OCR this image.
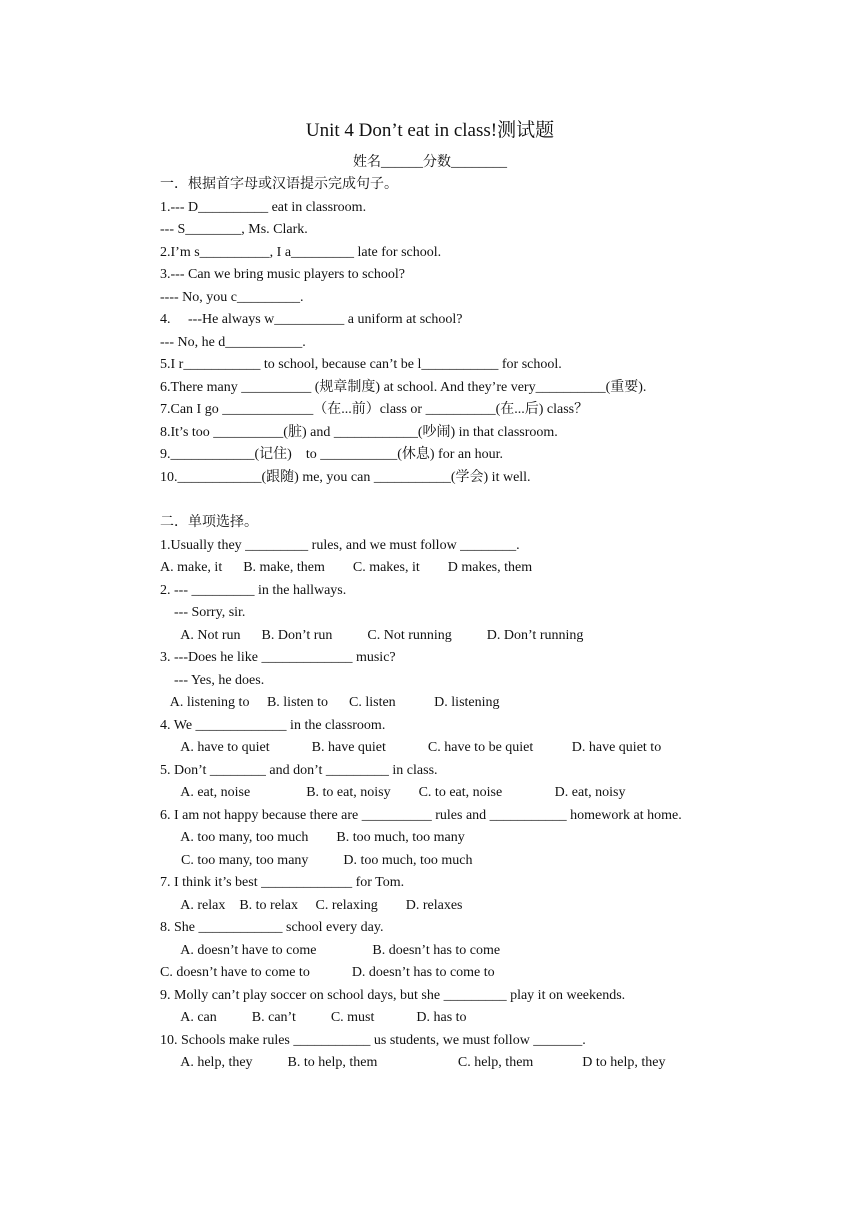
Unit 4 Don’t eat in class!测试题
姓名______分数________
一．根据首字母或汉语提示完成句子。
1.--- D__________ eat in classroom.
--- S________, Ms. Clark.
2.I’m s__________, I a_________ late for school.
3.--- Can we bring music players to school?
---- No, you c_________.
4.     ---He always w__________ a uniform at school?
--- No, he d___________.
5.I r___________ to school, because can’t be l___________ for school.
6.There many __________ (规章制度) at school. And they’re very__________(重要).
7.Can I go _____________（在...前）class or __________(在...后) class？
8.It’s too __________(脏) and ____________(吵闹) in that classroom.
9.____________(记住)    to ___________(休息) for an hour.
10.____________(跟随) me, you can ___________(学会) it well.
二．单项选择。
1.Usually they _________ rules, and we must follow ________.
A. make, it      B. make, them        C. makes, it        D makes, them
2. --- _________ in the hallways.
--- Sorry, sir.
A. Not run      B. Don’t run          C. Not running          D. Don’t running
3. ---Does he like _____________ music?
--- Yes, he does.
A. listening to     B. listen to      C. listen           D. listening
4. We _____________ in the classroom.
A. have to quiet            B. have quiet            C. have to be quiet           D. have quiet to
5. Don’t ________ and don’t _________ in class.
A. eat, noise                B. to eat, noisy        C. to eat, noise               D. eat, noisy
6. I am not happy because there are __________ rules and ___________ homework at home.
A. too many, too much        B. too much, too many
C. too many, too many          D. too much, too much
7. I think it’s best _____________ for Tom.
A. relax    B. to relax     C. relaxing        D. relaxes
8. She ____________ school every day.
A. doesn’t have to come                B. doesn’t has to come
C. doesn’t have to come to            D. doesn’t has to come to
9. Molly can’t play soccer on school days, but she _________ play it on weekends.
A. can          B. can’t          C. must            D. has to
10. Schools make rules ___________ us students, we must follow _______.
A. help, they          B. to help, them                       C. help, them              D to help, they
